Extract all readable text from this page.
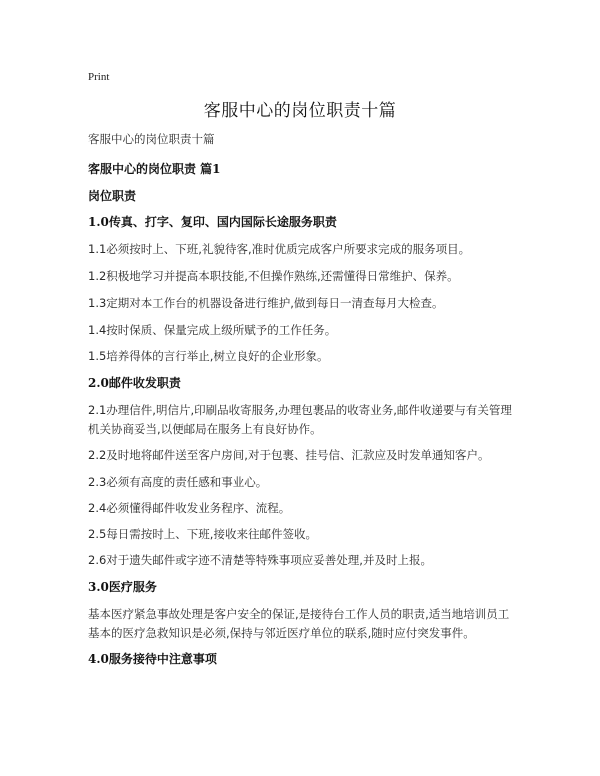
Print
客服中心的岗位职责十篇
客服中心的岗位职责十篇
客服中心的岗位职责 篇1
岗位职责
1.0传真、打字、复印、国内国际长途服务职责
1.1必须按时上、下班,礼貌待客,准时优质完成客户所要求完成的服务项目。
1.2积极地学习并提高本职技能,不但操作熟练,还需懂得日常维护、保养。
1.3定期对本工作台的机器设备进行维护,做到每日一清查每月大检查。
1.4按时保质、保量完成上级所赋予的工作任务。
1.5培养得体的言行举止,树立良好的企业形象。
2.0邮件收发职责
2.1办理信件,明信片,印刷品收寄服务,办理包裹品的收寄业务,邮件收递要与有关管理机关协商妥当,以便邮局在服务上有良好协作。
2.2及时地将邮件送至客户房间,对于包裹、挂号信、汇款应及时发单通知客户。
2.3必须有高度的责任感和事业心。
2.4必须懂得邮件收发业务程序、流程。
2.5每日需按时上、下班,接收来往邮件签收。
2.6对于遗失邮件或字迹不清楚等特殊事项应妥善处理,并及时上报。
3.0医疗服务
基本医疗紧急事故处理是客户安全的保证,是接待台工作人员的职责,适当地培训员工基本的医疗急救知识是必须,保持与邻近医疗单位的联系,随时应付突发事件。
4.0服务接待中注意事项
